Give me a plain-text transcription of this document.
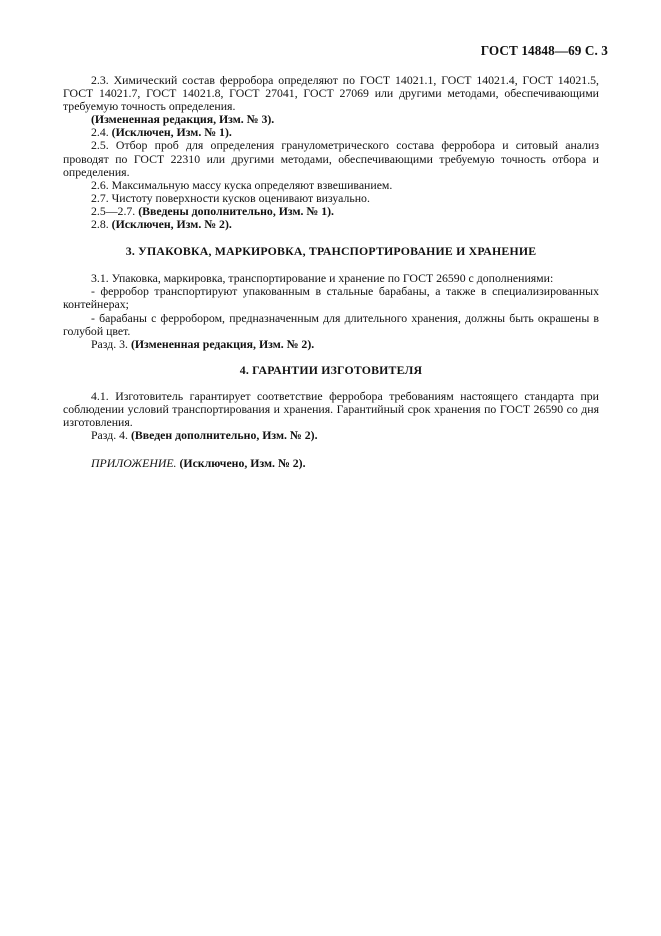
ГОСТ 14848—69 С. 3

2.3. Химический состав ферробора определяют по ГОСТ 14021.1, ГОСТ 14021.4, ГОСТ 14021.5, ГОСТ 14021.7, ГОСТ 14021.8, ГОСТ 27041, ГОСТ 27069 или другими методами, обеспечивающими требуемую точность определения.

(Измененная редакция, Изм. № 3).

2.4. (Исключен, Изм. № 1).

2.5. Отбор проб для определения гранулометрического состава ферробора и ситовый анализ проводят по ГОСТ 22310 или другими методами, обеспечивающими требуемую точность отбора и определения.

2.6. Максимальную массу куска определяют взвешиванием.

2.7. Чистоту поверхности кусков оценивают визуально.

2.5—2.7. (Введены дополнительно, Изм. № 1).

2.8. (Исключен, Изм. № 2).

3. УПАКОВКА, МАРКИРОВКА, ТРАНСПОРТИРОВАНИЕ И ХРАНЕНИЕ

3.1. Упаковка, маркировка, транспортирование и хранение по ГОСТ 26590 с дополнениями:

- ферробор транспортируют упакованным в стальные барабаны, а также в специализированных контейнерах;

- барабаны с ферробором, предназначенным для длительного хранения, должны быть окрашены в голубой цвет.

Разд. 3. (Измененная редакция, Изм. № 2).

4. ГАРАНТИИ ИЗГОТОВИТЕЛЯ

4.1. Изготовитель гарантирует соответствие ферробора требованиям настоящего стандарта при соблюдении условий транспортирования и хранения. Гарантийный срок хранения по ГОСТ 26590 со дня изготовления.

Разд. 4. (Введен дополнительно, Изм. № 2).

ПРИЛОЖЕНИЕ. (Исключено, Изм. № 2).
